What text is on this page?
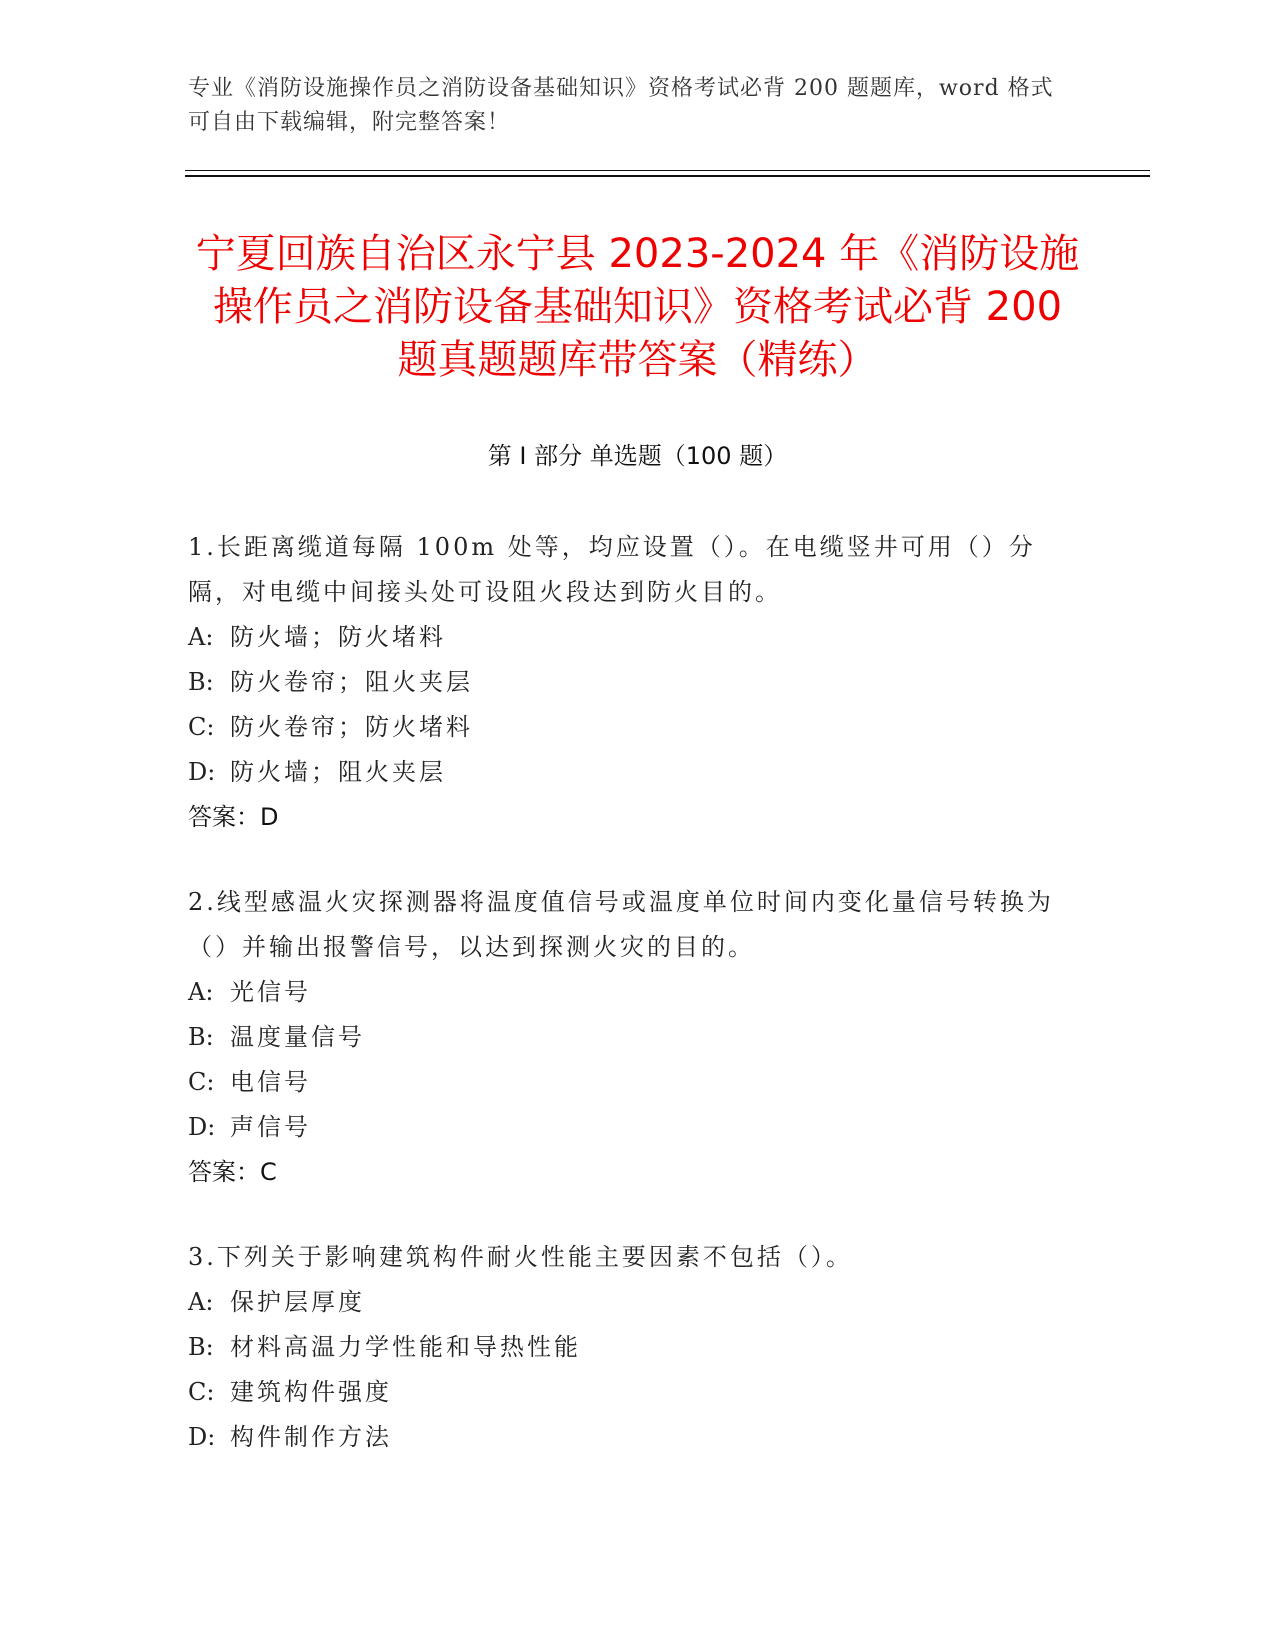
专业《消防设施操作员之消防设备基础知识》资格考试必背 200 题题库，word 格式可自由下载编辑，附完整答案！
宁夏回族自治区永宁县 2023-2024 年《消防设施操作员之消防设备基础知识》资格考试必背 200 题真题题库带答案（精练）
第 I 部分 单选题（100 题）

1.长距离缆道每隔 100m 处等，均应设置（）。在电缆竖井可用（）分隔，对电缆中间接头处可设阻火段达到防火目的。

A: 防火墙；防火堵料

B: 防火卷帘；阻火夹层

C: 防火卷帘；防火堵料

D: 防火墙；阻火夹层

答案：D

2.线型感温火灾探测器将温度值信号或温度单位时间内变化量信号转换为（）并输出报警信号，以达到探测火灾的目的。

A: 光信号

B: 温度量信号

C: 电信号

D: 声信号

答案：C

3.下列关于影响建筑构件耐火性能主要因素不包括（）。

A: 保护层厚度

B: 材料高温力学性能和导热性能

C: 建筑构件强度

D: 构件制作方法
